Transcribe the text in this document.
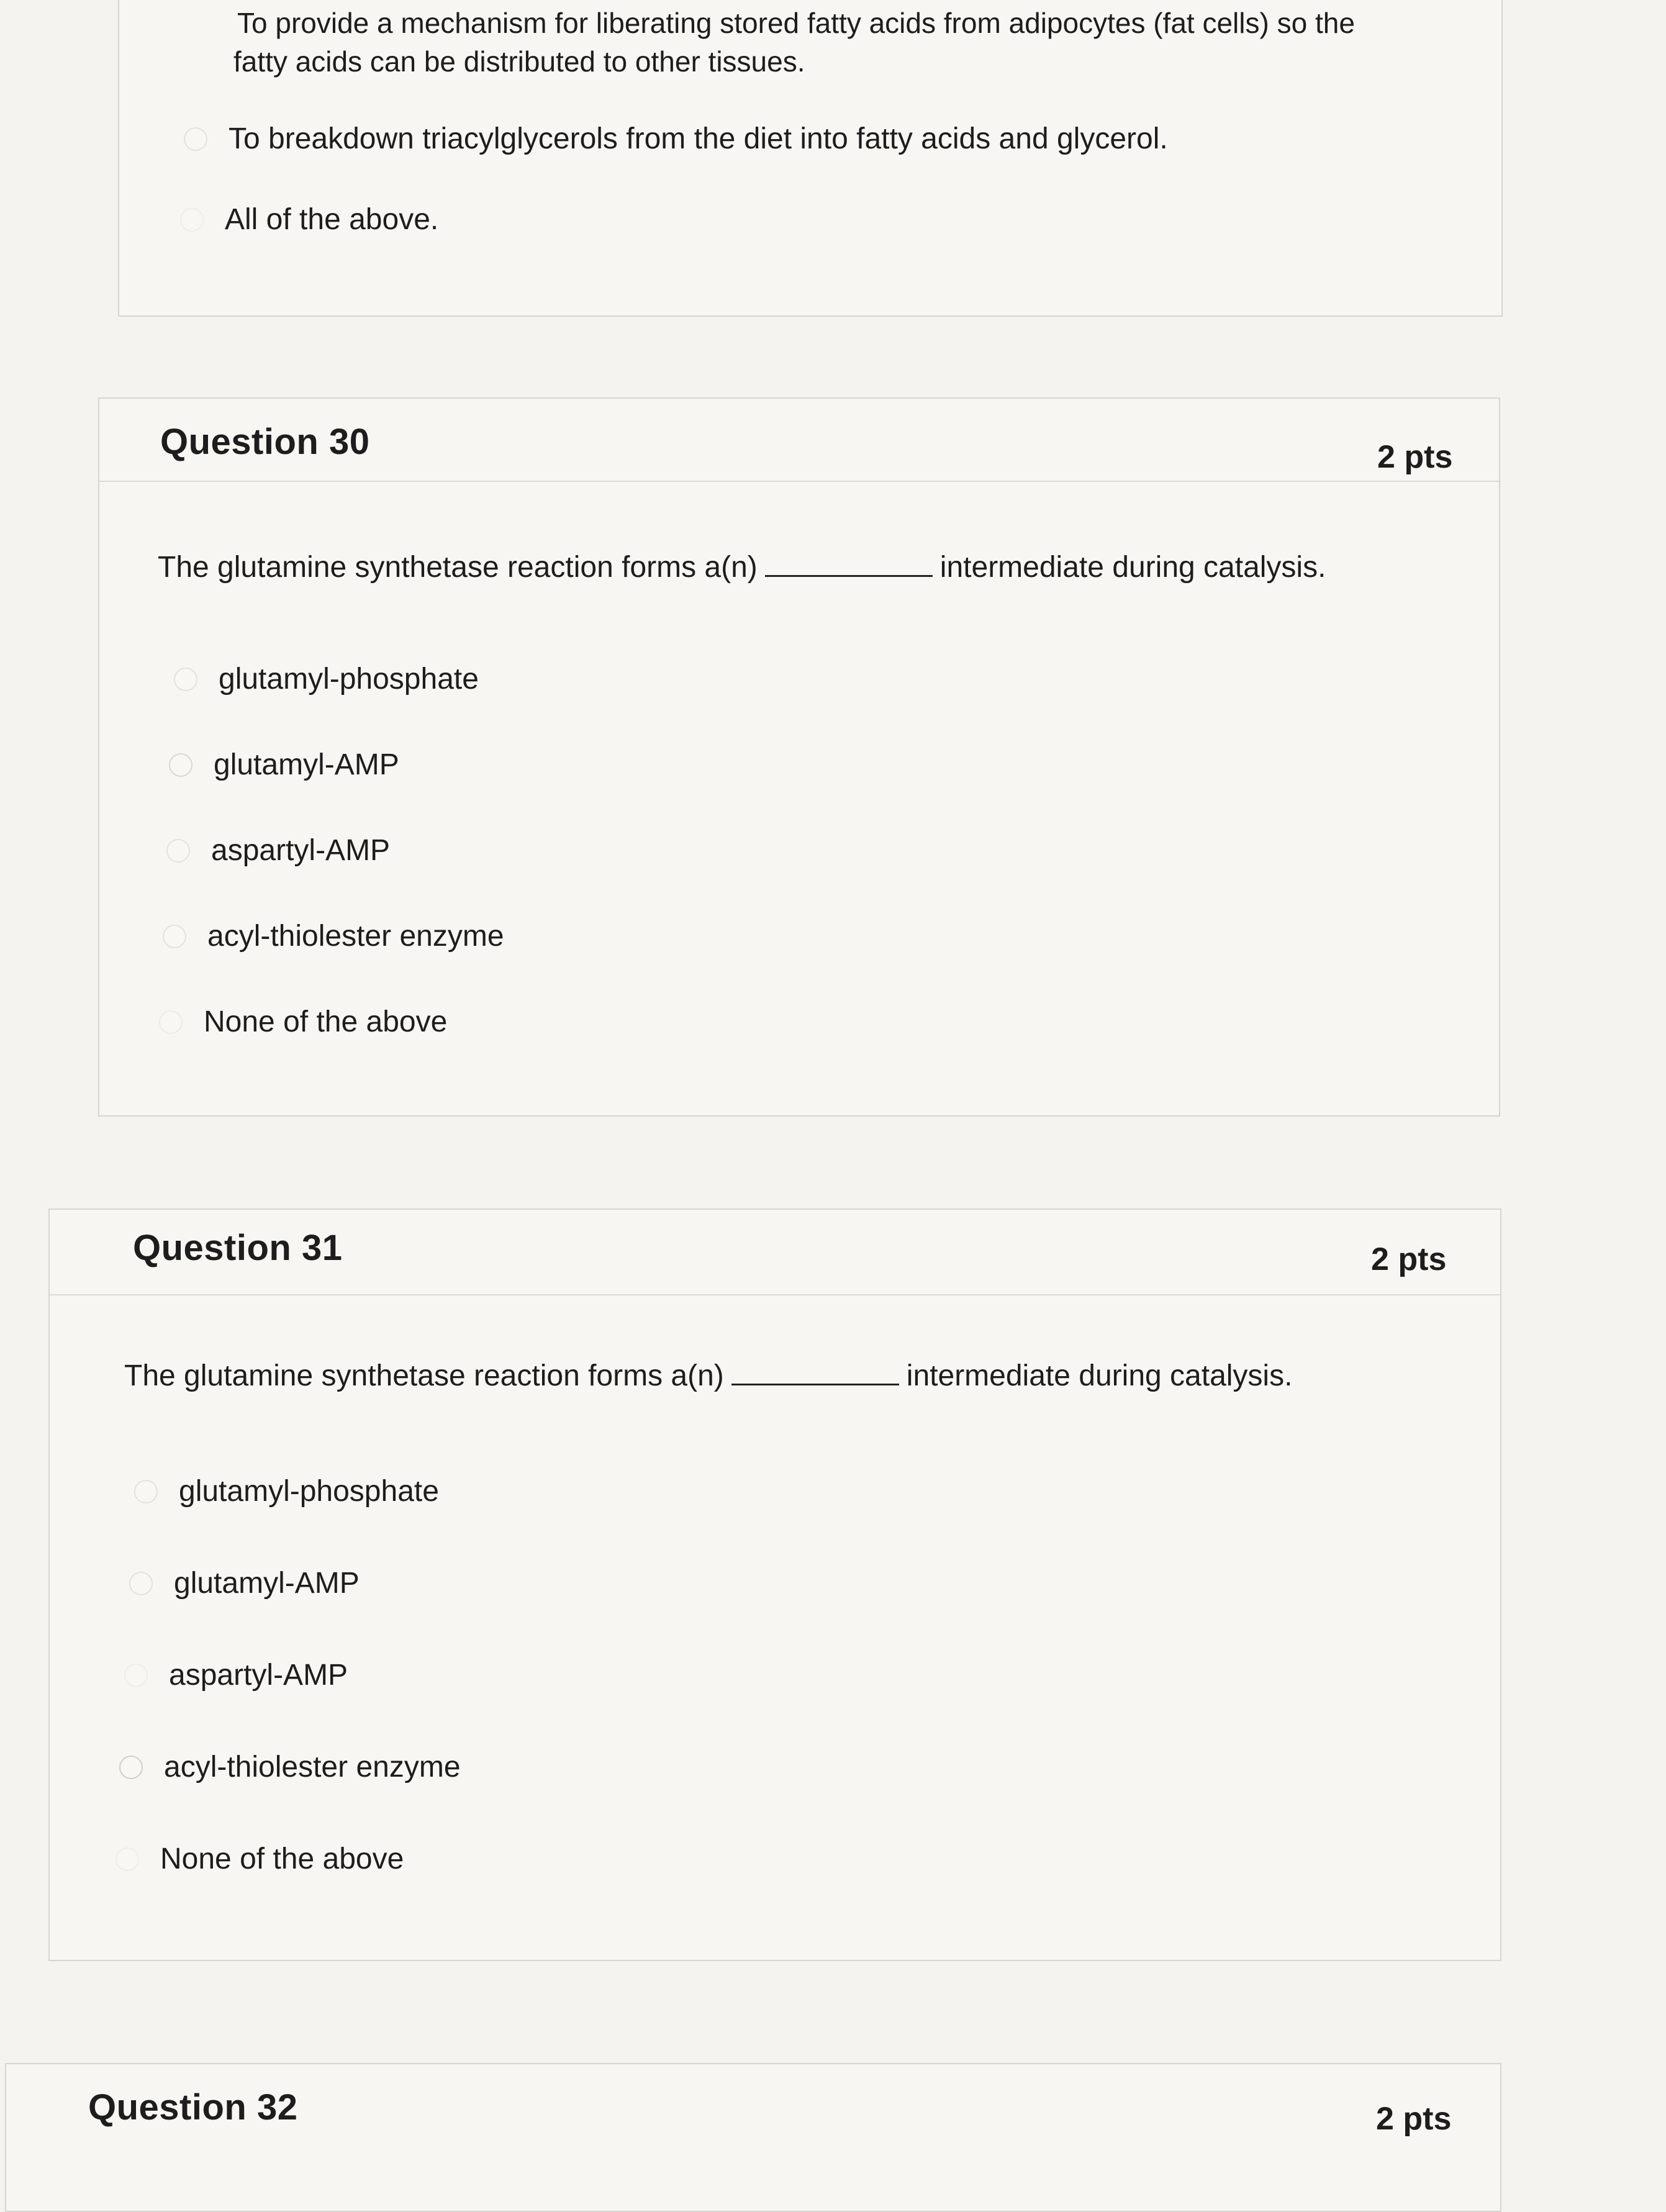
To provide a mechanism for liberating stored fatty acids from adipocytes (fat cells) so the
fatty acids can be distributed to other tissues.
To breakdown triacylglycerols from the diet into fatty acids and glycerol.
All of the above.
Question 30	2 pts
The glutamine synthetase reaction forms a(n)	intermediate during catalysis.
glutamyl-phosphate
glutamyl-AMP
aspartyl-AMP
acyl-thiolester enzyme
None of the above
Question 31	2 pts
The glutamine synthetase reaction forms a(n)	intermediate during catalysis.
glutamyl-phosphate
glutamyl-AMP
aspartyl-AMP
acyl-thiolester enzyme
None of the above
Question 32	2 pts
